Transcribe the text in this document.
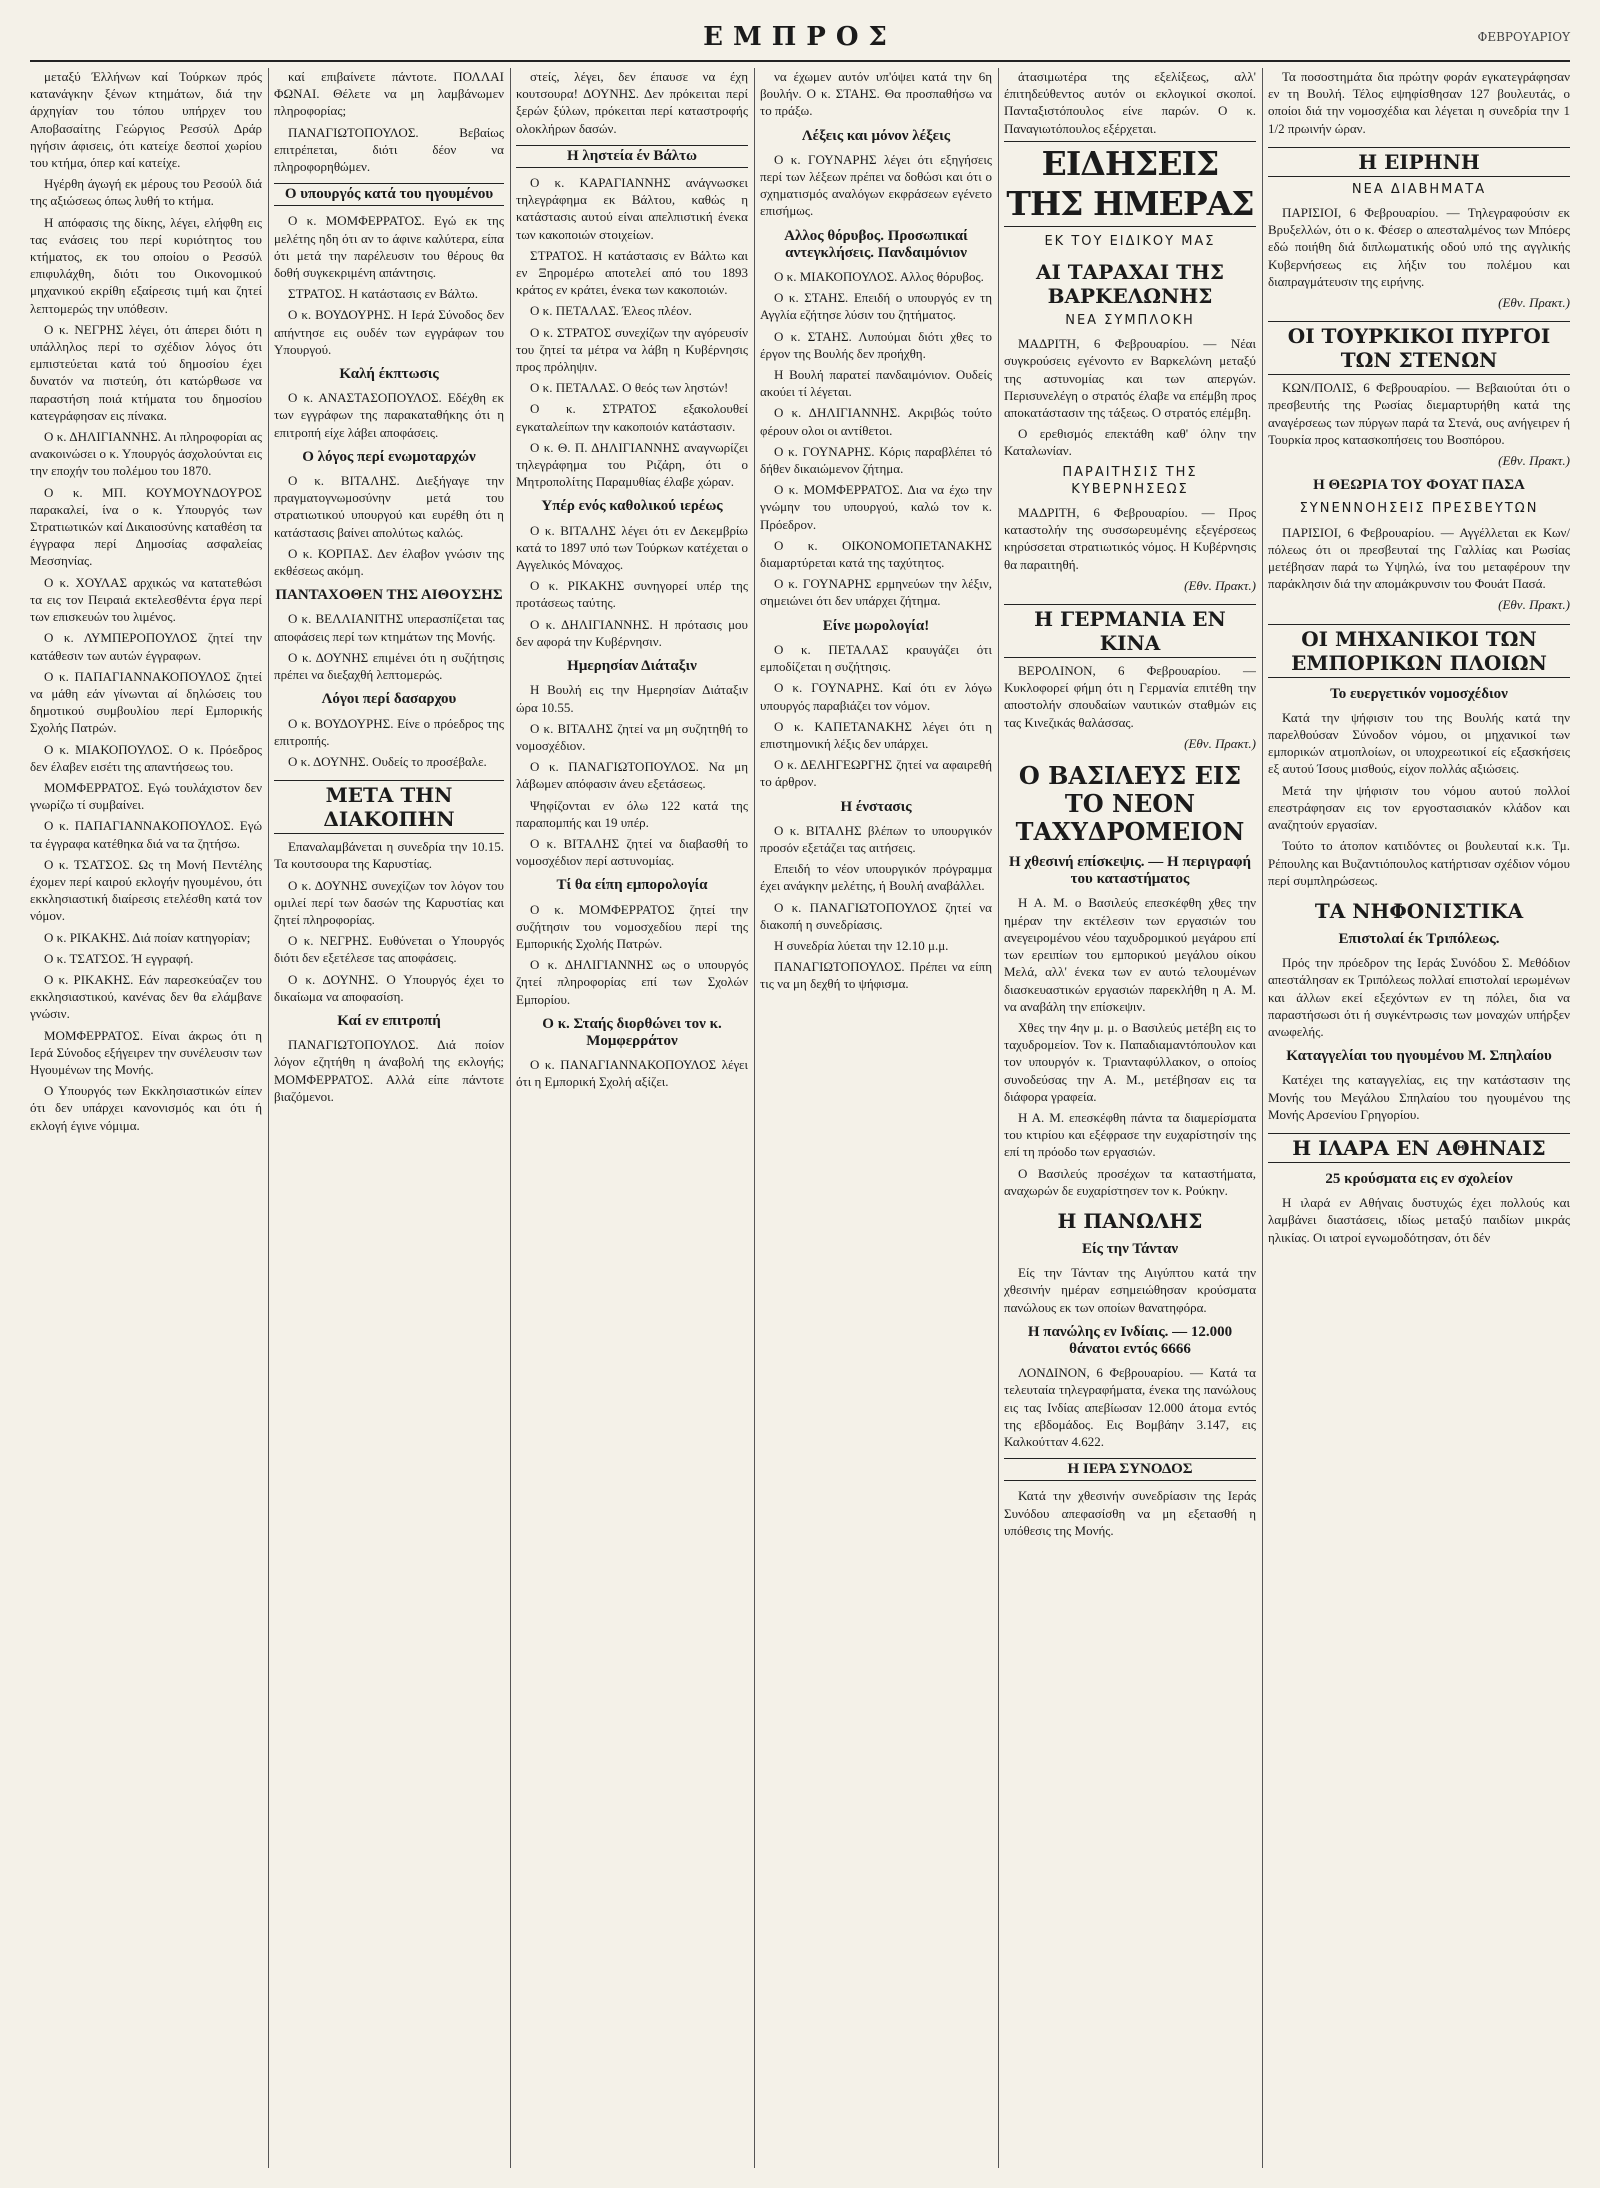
ΕΜΠΡΟΣ	ΦΕΒΡΟΥΑΡΙΟΥ

μεταξύ Έλλήνων καί Τούρκων πρός κατανάγκην ξένων κτημάτων, διά την άρχηγίαν του τόπου υπήρχεν του Αποβασαίτης Γεώργιος Ρεσσύλ Δράρ ηγήσιν άφισεις, ότι κατείχε δεσποί χωρίου του κτήμα, όπερ καί κατείχε.

Ηγέρθη άγωγή εκ μέρους του Ρεσούλ διά της αξιώσεως όπως λυθή το κτήμα.

Η απόφασις της δίκης, λέγει, ελήφθη εις τας ενάσεις του περί κυριότητος του κτήματος, εκ του οποίου ο Ρεσσύλ επιφυλάχθη, διότι του Οικονομικού μηχανικού εκρίθη εξαίρεσις τιμή και ζητεί λεπτομερώς την υπόθεσιν.

Ο κ. ΝΕΓΡΗΣ λέγει, ότι άπερει διότι η υπάλληλος περί το σχέδιον λόγος ότι εμπιστεύεται κατά τού δημοσίου έχει δυνατόν να πιστεύη, ότι κατώρθωσε να παραστήση ποιά κτήματα του δημοσίου κατεγράφησαν εις πίνακα.

Ο κ. ΔΗΛΙΓΙΑΝΝΗΣ. Αι πληροφορίαι ας ανακοινώσει ο κ. Υπουργός άσχολούνται εις την εποχήν του πολέμου του 1870.

Ο κ. ΜΠ. ΚΟΥΜΟΥΝΔΟΥΡΟΣ παρακαλεί, ίνα ο κ. Υπουργός των Στρατιωτικών καί Δικαιοσύνης καταθέση τα έγγραφα περί Δημοσίας ασφαλείας Μεσσηνίας.

Ο κ. ΧΟΥΛΑΣ αρχικώς να κατατεθώσι τα εις τον Πειραιά εκτελεσθέντα έργα περί των επισκευών του λιμένος.

Ο κ. ΛΥΜΠΕΡΟΠΟΥΛΟΣ ζητεί την κατάθεσιν των αυτών έγγραφων.

Ο κ. ΠΑΠΑΓΙΑΝΝΑΚΟΠΟΥΛΟΣ ζητεί να μάθη εάν γίνωνται αί δηλώσεις του δημοτικού συμβουλίου περί Εμπορικής Σχολής Πατρών.

Ο κ. ΜΙΑΚΟΠΟΥΛΟΣ. Ο κ. Πρόεδρος δεν έλαβεν εισέτι της απαντήσεως του.

ΜΟΜΦΕΡΡΑΤΟΣ. Εγώ τουλάχιστον δεν γνωρίζω τί συμβαίνει.

Ο κ. ΠΑΠΑΓΙΑΝΝΑΚΟΠΟΥΛΟΣ. Εγώ τα έγγραφα κατέθηκα διά να τα ζητήσω.

Ο κ. ΤΣΑΤΣΟΣ. Ως τη Μονή Πεντέλης έχομεν περί καιρού εκλογήν ηγουμένου, ότι εκκλησιαστική διαίρεσις ετελέσθη κατά τον νόμον.

Ο κ. ΡΙΚΑΚΗΣ. Διά ποίαν κατηγορίαν;

Ο κ. ΤΣΑΤΣΟΣ. Ή εγγραφή.

Ο κ. ΡΙΚΑΚΗΣ. Εάν παρεσκεύαζεν του εκκλησιαστικού, κανένας δεν θα ελάμβανε γνώσιν.

ΜΟΜΦΕΡΡΑΤΟΣ. Είναι άκρως ότι η Ιερά Σύνοδος εξήγειρεν την συνέλευσιν των Ηγουμένων της Μονής.

Ο Υπουργός των Εκκλησιαστικών είπεν ότι δεν υπάρχει κανονισμός και ότι ή εκλογή έγινε νόμιμα.

καί επιβαίνετε πάντοτε. ΠΟΛΛΑΙ ΦΩΝΑΙ. Θέλετε να μη λαμβάνωμεν πληροφορίας;

ΠΑΝΑΓΙΩΤΟΠΟΥΛΟΣ. Βεβαίως επιτρέπεται, διότι δέον να πληροφορηθώμεν.

Ο υπουργός κατά του ηγουμένου

Ο κ. ΜΟΜΦΕΡΡΑΤΟΣ. Εγώ εκ της μελέτης ηδη ότι αν το άφινε καλύτερα, είπα ότι μετά την παρέλευσιν του θέρους θα δοθή συγκεκριμένη απάντησις.

ΣΤΡΑΤΟΣ. Η κατάστασις εν Βάλτω.

Ο κ. ΒΟΥΔΟΥΡΗΣ. Η Ιερά Σύνοδος δεν απήντησε εις ουδέν των εγγράφων του Υπουργού.

Καλή έκπτωσις

Ο κ. ΑΝΑΣΤΑΣΟΠΟΥΛΟΣ. Εδέχθη εκ των εγγράφων της παρακαταθήκης ότι η επιτροπή είχε λάβει αποφάσεις.

Ο λόγος περί ενωμοταρχών

Ο κ. ΒΙΤΑΛΗΣ. Διεξήγαγε την πραγματογνωμοσύνην μετά του στρατιωτικού υπουργού και ευρέθη ότι η κατάστασις βαίνει απολύτως καλώς.

Ο κ. ΚΟΡΠΑΣ. Δεν έλαβον γνώσιν της εκθέσεως ακόμη.

ΠΑΝΤΑΧΟΘΕΝ ΤΗΣ ΑΙΘΟΥΣΗΣ

Ο κ. ΒΕΛΛΙΑΝΙΤΗΣ υπερασπίζεται τας αποφάσεις περί των κτημάτων της Μονής.

Ο κ. ΔΟΥΝΗΣ επιμένει ότι η συζήτησις πρέπει να διεξαχθή λεπτομερώς.

Λόγοι περί δασαρχου

Ο κ. ΒΟΥΔΟΥΡΗΣ. Είνε ο πρόεδρος της επιτροπής.

Ο κ. ΔΟΥΝΗΣ. Ουδείς το προσέβαλε.

ΜΕΤΑ ΤΗΝ ΔΙΑΚΟΠΗΝ

Επαναλαμβάνεται η συνεδρία την 10.15. Τα κουτσουρα της Καρυστίας.

Ο κ. ΔΟΥΝΗΣ συνεχίζων τον λόγον του ομιλεί περί των δασών της Καρυστίας και ζητεί πληροφορίας.

Ο κ. ΝΕΓΡΗΣ. Ευθύνεται ο Υπουργός διότι δεν εξετέλεσε τας αποφάσεις.

Ο κ. ΔΟΥΝΗΣ. Ο Υπουργός έχει το δικαίωμα να αποφασίση.

Καί εν επιτροπή

ΠΑΝΑΓΙΩΤΟΠΟΥΛΟΣ. Διά ποίον λόγον εζητήθη η άναβολή της εκλογής; ΜΟΜΦΕΡΡΑΤΟΣ. Αλλά είπε πάντοτε βιαζόμενοι.

στείς, λέγει, δεν έπαυσε να έχη κουτσουρα! ΔΟΥΝΗΣ. Δεν πρόκειται περί ξερών ξύλων, πρόκειται περί καταστροφής ολοκλήρων δασών.

Η ληστεία έν Βάλτω

Ο κ. ΚΑΡΑΓΙΑΝΝΗΣ ανάγνωσκει τηλεγράφημα εκ Βάλτου, καθώς η κατάστασις αυτού είναι απελπιστική ένεκα των κακοποιών στοιχείων.

ΣΤΡΑΤΟΣ. Η κατάστασις εν Βάλτω και εν Ξηρομέρω αποτελεί από του 1893 κράτος εν κράτει, ένεκα των κακοποιών.

Ο κ. ΠΕΤΑΛΑΣ. Έλεος πλέον.

Ο κ. ΣΤΡΑΤΟΣ συνεχίζων την αγόρευσίν του ζητεί τα μέτρα να λάβη η Κυβέρνησις προς πρόληψιν.

Ο κ. ΠΕΤΑΛΑΣ. Ο θεός των ληστών!

Ο κ. ΣΤΡΑΤΟΣ εξακολουθεί εγκαταλείπων την κακοποιόν κατάστασιν.

Ο κ. Θ. Π. ΔΗΛΙΓΙΑΝΝΗΣ αναγνωρίζει τηλεγράφημα του Ριζάρη, ότι ο Μητροπολίτης Παραμυθίας έλαβε χώραν.

Υπέρ ενός καθολικού ιερέως

Ο κ. ΒΙΤΑΛΗΣ λέγει ότι εν Δεκεμβρίω κατά το 1897 υπό των Τούρκων κατέχεται ο Αγγελικός Μόναχος.

Ο κ. ΡΙΚΑΚΗΣ συνηγορεί υπέρ της προτάσεως ταύτης.

Ο κ. ΔΗΛΙΓΙΑΝΝΗΣ. Η πρότασις μου δεν αφορά την Κυβέρνησιν.

Ημερησίαν Διάταξιν

Η Βουλή εις την Ημερησίαν Διάταξιν ώρα 10.55.

Ο κ. ΒΙΤΑΛΗΣ ζητεί να μη συζητηθή το νομοσχέδιον.

Ο κ. ΠΑΝΑΓΙΩΤΟΠΟΥΛΟΣ. Να μη λάβωμεν απόφασιν άνευ εξετάσεως.

Ψηφίζονται εν όλω 122 κατά της παραπομπής και 19 υπέρ.

Ο κ. ΒΙΤΑΛΗΣ ζητεί να διαβασθή το νομοσχέδιον περί αστυνομίας.

Τί θα είπη εμπορολογία

Ο κ. ΜΟΜΦΕΡΡΑΤΟΣ ζητεί την συζήτησιν του νομοσχεδίου περί της Εμπορικής Σχολής Πατρών.

Ο κ. ΔΗΛΙΓΙΑΝΝΗΣ ως ο υπουργός ζητεί πληροφορίας επί των Σχολών Εμπορίου.

Ο κ. Σταής διορθώνει τον κ. Μομφερράτον

Ο κ. ΠΑΝΑΓΙΑΝΝΑΚΟΠΟΥΛΟΣ λέγει ότι η Εμπορική Σχολή αξίζει.

να έχωμεν αυτόν υπ'όψει κατά την 6η βουλήν. Ο κ. ΣΤΑΗΣ. Θα προσπαθήσω να το πράξω.

Λέξεις και μόνον λέξεις

Ο κ. ΓΟΥΝΑΡΗΣ λέγει ότι εξηγήσεις περί των λέξεων πρέπει να δοθώσι και ότι ο σχηματισμός αναλόγων εκφράσεων εγένετο επισήμως.

Αλλος θόρυβος. Προσωπικαί αντεγκλήσεις. Πανδαιμόνιον

Ο κ. ΜΙΑΚΟΠΟΥΛΟΣ. Αλλος θόρυβος.

Ο κ. ΣΤΑΗΣ. Επειδή ο υπουργός εν τη Αγγλία εζήτησε λύσιν του ζητήματος.

Ο κ. ΣΤΑΗΣ. Λυπούμαι διότι χθες το έργον της Βουλής δεν προήχθη.

Η Βουλή παρατεί πανδαιμόνιον. Ουδείς ακούει τί λέγεται.

Ο κ. ΔΗΛΙΓΙΑΝΝΗΣ. Ακριβώς τούτο φέρουν ολοι οι αντίθετοι.

Ο κ. ΓΟΥΝΑΡΗΣ. Κόρις παραβλέπει τό δήθεν δικαιώμενον ζήτημα.

Ο κ. ΜΟΜΦΕΡΡΑΤΟΣ. Δια να έχω την γνώμην του υπουργού, καλώ τον κ. Πρόεδρον.

Ο κ. ΟΙΚΟΝΟΜΟΠΕΤΑΝΑΚΗΣ διαμαρτύρεται κατά της ταχύτητος.

Ο κ. ΓΟΥΝΑΡΗΣ ερμηνεύων την λέξιν, σημειώνει ότι δεν υπάρχει ζήτημα.

Είνε μωρολογία!

Ο κ. ΠΕΤΑΛΑΣ κραυγάζει ότι εμποδίζεται η συζήτησις.

Ο κ. ΓΟΥΝΑΡΗΣ. Καί ότι εν λόγω υπουργός παραβιάζει τον νόμον.

Ο κ. ΚΑΠΕΤΑΝΑΚΗΣ λέγει ότι η επιστημονική λέξις δεν υπάρχει.

Ο κ. ΔΕΛΗΓΕΩΡΓΗΣ ζητεί να αφαιρεθή το άρθρον.

Η ένστασις

Ο κ. ΒΙΤΑΛΗΣ βλέπων το υπουργικόν προσόν εξετάζει τας αιτήσεις.

Επειδή το νέον υπουργικόν πρόγραμμα έχει ανάγκην μελέτης, ή Βουλή αναβάλλει.

Ο κ. ΠΑΝΑΓΙΩΤΟΠΟΥΛΟΣ ζητεί να διακοπή η συνεδρίασις.

Η συνεδρία λύεται την 12.10 μ.μ.

ΠΑΝΑΓΙΩΤΟΠΟΥΛΟΣ. Πρέπει να είπη τις να μη δεχθή το ψήφισμα.

άτασιμωτέρα της εξελίξεως, αλλ' έπιτηδεύθεντος αυτόν οι εκλογικοί σκοποί. Πανταξιστόπουλος είνε παρών. Ο κ. Παναγιωτόπουλος εξέρχεται.

ΕΙΔΗΣΕΙΣ ΤΗΣ ΗΜΕΡΑΣ
ΕΚ ΤΟΥ ΕΙΔΙΚΟΥ ΜΑΣ
ΑΙ ΤΑΡΑΧΑΙ ΤΗΣ ΒΑΡΚΕΛΩΝΗΣ
ΝΕΑ ΣΥΜΠΛΟΚΗ

ΜΑΔΡΙΤΗ, 6 Φεβρουαρίου. — Νέαι συγκρούσεις εγένοντο εν Βαρκελώνη μεταξύ της αστυνομίας και των απεργών. Περισυνελέγη ο στρατός έλαβε να επέμβη προς αποκατάστασιν της τάξεως. Ο στρατός επέμβη.

Ο ερεθισμός επεκτάθη καθ' όλην την Καταλωνίαν.

ΠΑΡΑΙΤΗΣΙΣ ΤΗΣ ΚΥΒΕΡΝΗΣΕΩΣ

ΜΑΔΡΙΤΗ, 6 Φεβρουαρίου. — Προς καταστολήν της συσσωρευμένης εξεγέρσεως κηρύσσεται στρατιωτικός νόμος. Η Κυβέρνησις θα παραιτηθή.

(Εθν. Πρακτ.)
Η ΓΕΡΜΑΝΙΑ ΕΝ ΚΙΝΑ

ΒΕΡΟΛΙΝΟΝ, 6 Φεβρουαρίου. — Κυκλοφορεί φήμη ότι η Γερμανία επιτέθη την αποστολήν σπουδαίων ναυτικών σταθμών εις τας Κινεζικάς θαλάσσας.

(Εθν. Πρακτ.)
Ο ΒΑΣΙΛΕΥΣ ΕΙΣ ΤΟ ΝΕΟΝ ΤΑΧΥΔΡΟΜΕΙΟΝ
Η χθεσινή επίσκεψις. — Η περιγραφή του καταστήματος

Η Α. Μ. ο Βασιλεύς επεσκέφθη χθες την ημέραν την εκτέλεσιν των εργασιών του ανεγειρομένου νέου ταχυδρομικού μεγάρου επί των ερειπίων του εμπορικού μεγάλου οίκου Μελά, αλλ' ένεκα των εν αυτώ τελουμένων διασκευαστικών εργασιών παρεκλήθη η Α. Μ. να αναβάλη την επίσκεψιν.

Χθες την 4ην μ. μ. ο Βασιλεύς μετέβη εις το ταχυδρομείον. Τον κ. Παπαδιαμαντόπουλον και τον υπουργόν κ. Τριανταφύλλακον, ο οποίος συνοδεύσας την Α. Μ., μετέβησαν εις τα διάφορα γραφεία.

Η Α. Μ. επεσκέφθη πάντα τα διαμερίσματα του κτιρίου και εξέφρασε την ευχαρίστησίν της επί τη πρόοδο των εργασιών.

Ο Βασιλεύς προσέχων τα καταστήματα, αναχωρών δε ευχαρίστησεν τον κ. Ρούκην.

Η ΠΑΝΩΛΗΣ
Είς την Τάνταν

Είς την Τάνταν της Αιγύπτου κατά την χθεσινήν ημέραν εσημειώθησαν κρούσματα πανώλους εκ των οποίων θανατηφόρα.

Η πανώλης εν Ινδίαις. — 12.000 θάνατοι εντός 6666

ΛΟΝΔΙΝΟΝ, 6 Φεβρουαρίου. — Κατά τα τελευταία τηλεγραφήματα, ένεκα της πανώλους εις τας Ινδίας απεβίωσαν 12.000 άτομα εντός της εβδομάδος. Εις Βομβάην 3.147, εις Καλκούτταν 4.622.

Η ΙΕΡΑ ΣΥΝΟΔΟΣ

Κατά την χθεσινήν συνεδρίασιν της Ιεράς Συνόδου απεφασίσθη να μη εξετασθή η υπόθεσις της Μονής.

Τα ποσοστημάτα δια πρώτην φοράν εγκατεγράφησαν εν τη Βουλή. Τέλος εψηφίσθησαν 127 βουλευτάς, ο οποίοι διά την νομοσχέδια και λέγεται η συνεδρία την 1 1/2 πρωινήν ώραν.

Η ΕΙΡΗΝΗ
ΝΕΑ ΔΙΑΒΗΜΑΤΑ

ΠΑΡΙΣΙΟΙ, 6 Φεβρουαρίου. — Τηλεγραφούσιν εκ Βρυξελλών, ότι ο κ. Φέσερ ο απεσταλμένος των Μπόερς εδώ ποιήθη διά διπλωματικής οδού υπό της αγγλικής Κυβερνήσεως εις λήξιν του πολέμου και διαπραγμάτευσιν της ειρήνης.

(Εθν. Πρακτ.)
ΟΙ ΤΟΥΡΚΙΚΟΙ ΠΥΡΓΟΙ ΤΩΝ ΣΤΕΝΩΝ

ΚΩΝ/ΠΟΛΙΣ, 6 Φεβρουαρίου. — Βεβαιούται ότι ο πρεσβευτής της Ρωσίας διεμαρτυρήθη κατά της αναγέρσεως των πύργων παρά τα Στενά, ους ανήγειρεν ή Τουρκία προς κατασκοπήσεις του Βοσπόρου.

(Εθν. Πρακτ.)
Η ΘΕΩΡΙΑ ΤΟΥ ΦΟΥΑΤ ΠΑΣΑ
ΣΥΝΕΝΝΟΗΣΕΙΣ ΠΡΕΣΒΕΥΤΩΝ

ΠΑΡΙΣΙΟΙ, 6 Φεβρουαρίου. — Αγγέλλεται εκ Κων/πόλεως ότι οι πρεσβευταί της Γαλλίας και Ρωσίας μετέβησαν παρά τω Υψηλώ, ίνα του μεταφέρουν την παράκλησιν διά την απομάκρυνσιν του Φουάτ Πασά.

(Εθν. Πρακτ.)
ΟΙ ΜΗΧΑΝΙΚΟΙ ΤΩΝ ΕΜΠΟΡΙΚΩΝ ΠΛΟΙΩΝ
Το ευεργετικόν νομοσχέδιον

Κατά την ψήφισιν του της Βουλής κατά την παρελθούσαν Σύνοδον νόμου, οι μηχανικοί των εμπορικών ατμοπλοίων, οι υποχρεωτικοί είς εξασκήσεις εξ αυτού Ίσους μισθούς, είχον πολλάς αξιώσεις.

Μετά την ψήφισιν του νόμου αυτού πολλοί επεστράφησαν εις τον εργοστασιακόν κλάδον και αναζητούν εργασίαν.

Τούτο το άτοπον κατιδόντες οι βουλευταί κ.κ. Τμ. Ρέπουλης και Βυζαντιόπουλος κατήρτισαν σχέδιον νόμου περί συμπληρώσεως.

ΤΑ ΝΗΦΟΝΙΣΤΙΚΑ
Επιστολαί έκ Τριπόλεως.

Πρός την πρόεδρον της Ιεράς Συνόδου Σ. Μεθόδιον απεστάλησαν εκ Τριπόλεως πολλαί επιστολαί ιερωμένων και άλλων εκεί εξεχόντων εν τη πόλει, δια να παραστήσωσι ότι ή συγκέντρωσις των μοναχών υπήρξεν ανωφελής.

Καταγγελίαι του ηγουμένου Μ. Σπηλαίου

Κατέχει της καταγγελίας, εις την κατάστασιν της Μονής του Μεγάλου Σπηλαίου του ηγουμένου της Μονής Αρσενίου Γρηγορίου.

Η ΙΛΑΡΑ ΕΝ ΑΘΗΝΑΙΣ
25 κρούσματα εις εν σχολείον

Η ιλαρά εν Αθήναις δυστυχώς έχει πολλούς και λαμβάνει διαστάσεις, ιδίως μεταξύ παιδίων μικράς ηλικίας. Οι ιατροί εγνωμοδότησαν, ότι δέν
